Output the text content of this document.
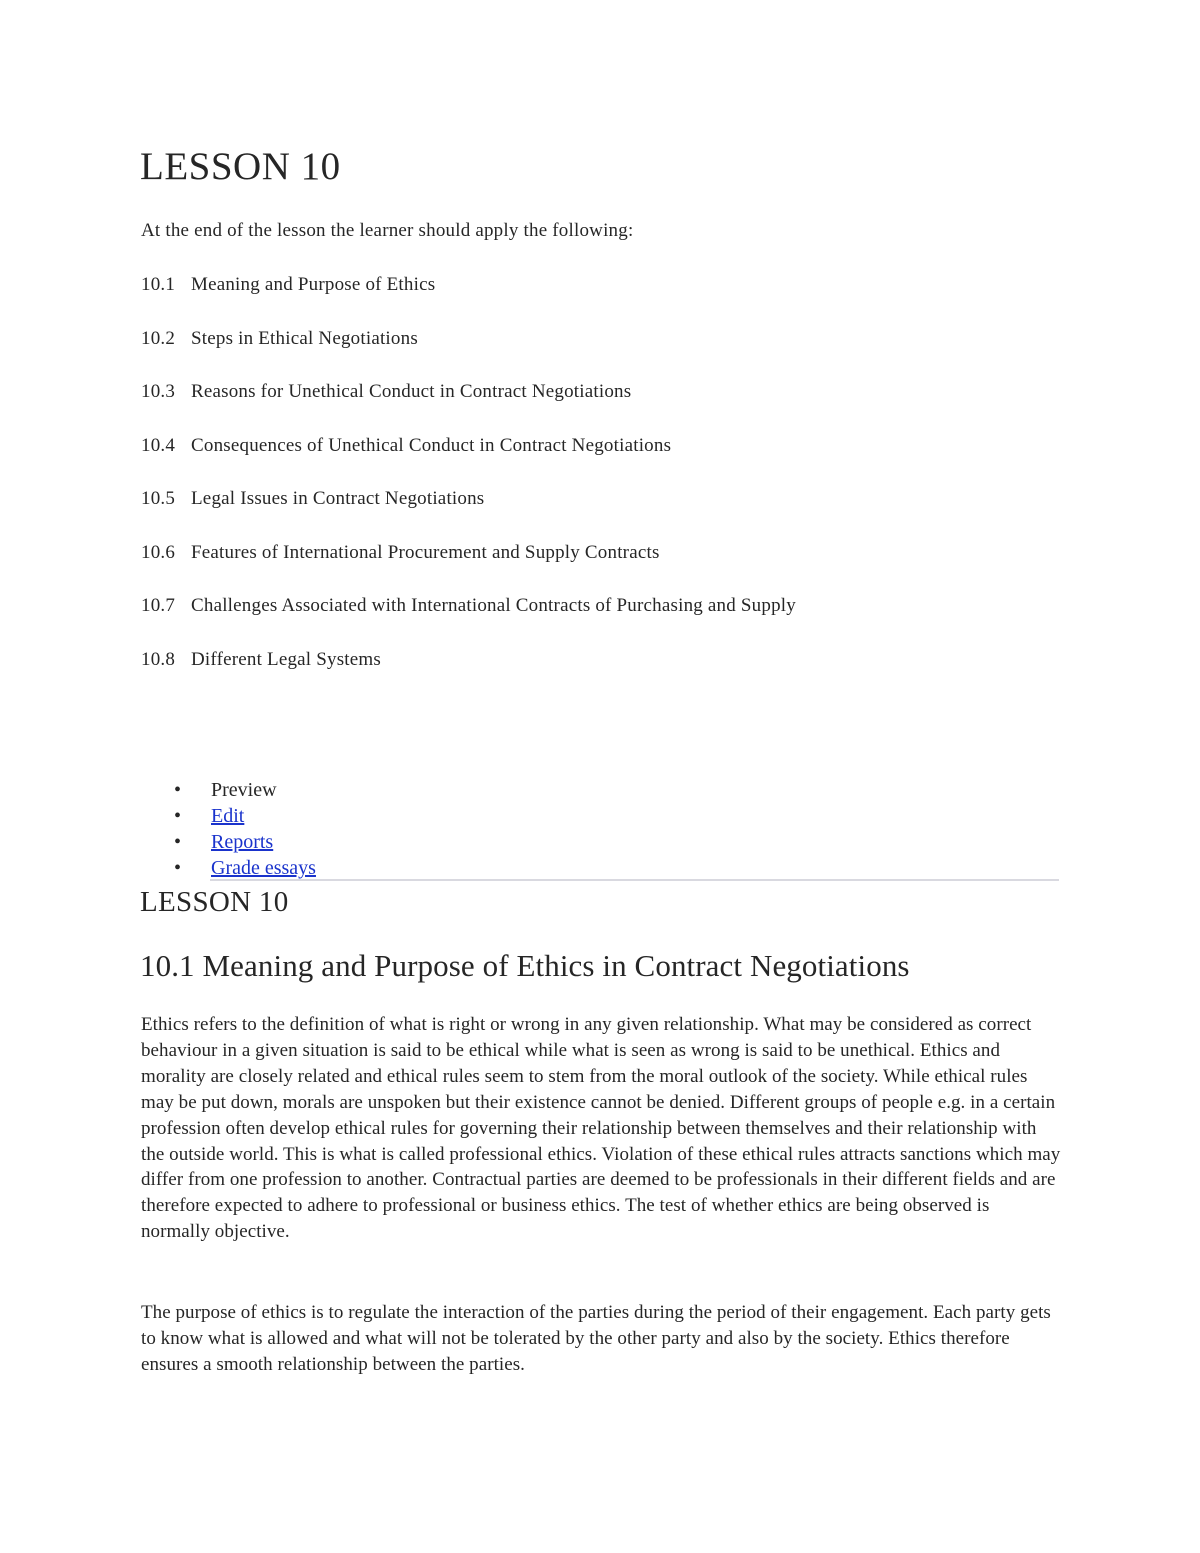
LESSON 10

At the end of the lesson the learner should apply the following:

10.1 Meaning and Purpose of Ethics
10.2 Steps in Ethical Negotiations
10.3 Reasons for Unethical Conduct in Contract Negotiations
10.4 Consequences of Unethical Conduct in Contract Negotiations
10.5 Legal Issues in Contract Negotiations
10.6 Features of International Procurement and Supply Contracts
10.7 Challenges Associated with International Contracts of Purchasing and Supply
10.8 Different Legal Systems
• Preview
• Edit
• Reports
• Grade essays
LESSON 10
10.1 Meaning and Purpose of Ethics in Contract Negotiations

Ethics refers to the definition of what is right or wrong in any given relationship. What may be considered as correct behaviour in a given situation is said to be ethical while what is seen as wrong is said to be unethical. Ethics and morality are closely related and ethical rules seem to stem from the moral outlook of the society. While ethical rules may be put down, morals are unspoken but their existence cannot be denied. Different groups of people e.g. in a certain profession often develop ethical rules for governing their relationship between themselves and their relationship with the outside world. This is what is called professional ethics. Violation of these ethical rules attracts sanctions which may differ from one profession to another. Contractual parties are deemed to be professionals in their different fields and are therefore expected to adhere to professional or business ethics. The test of whether ethics are being observed is normally objective.

The purpose of ethics is to regulate the interaction of the parties during the period of their engagement. Each party gets to know what is allowed and what will not be tolerated by the other party and also by the society. Ethics therefore ensures a smooth relationship between the parties.
